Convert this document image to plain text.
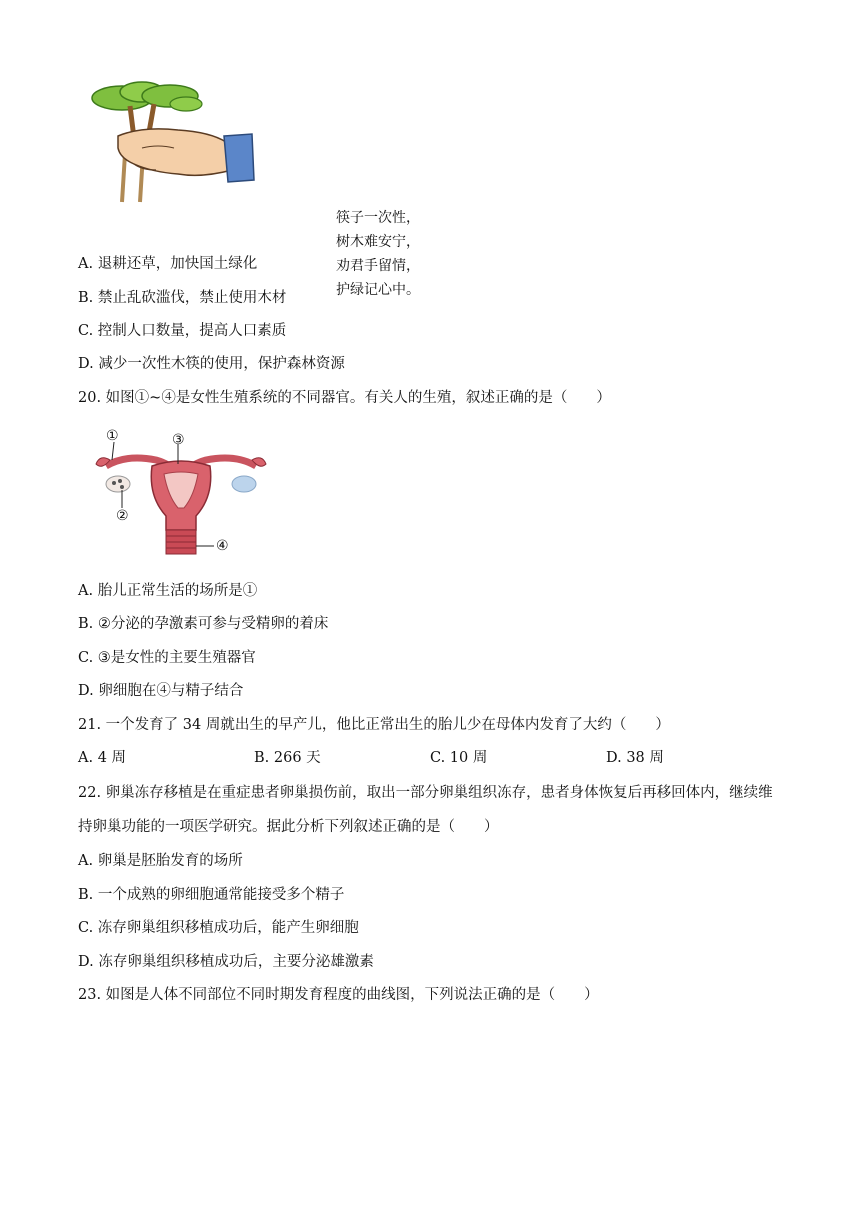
筷子一次性，
树木难安宁，
劝君手留情，
护绿记心中。
A. 退耕还草，加快国土绿化
B. 禁止乱砍滥伐，禁止使用木材
C. 控制人口数量，提高人口素质
D. 减少一次性木筷的使用，保护森林资源
20. 如图①~④是女性生殖系统的不同器官。有关人的生殖，叙述正确的是（　　）
①	③
②
④
A. 胎儿正常生活的场所是①
B. ②分泌的孕激素可参与受精卵的着床
C. ③是女性的主要生殖器官
D. 卵细胞在④与精子结合
21. 一个发育了 34 周就出生的早产儿，他比正常出生的胎儿少在母体内发育了大约（　　）
A. 4 周	B. 266 天	C. 10 周	D. 38 周
22. 卵巢冻存移植是在重症患者卵巢损伤前，取出一部分卵巢组织冻存，患者身体恢复后再移回体内，继续维持卵巢功能的一项医学研究。据此分析下列叙述正确的是（　　）
A. 卵巢是胚胎发育的场所
B. 一个成熟的卵细胞通常能接受多个精子
C. 冻存卵巢组织移植成功后，能产生卵细胞
D. 冻存卵巢组织移植成功后，主要分泌雄激素
23. 如图是人体不同部位不同时期发育程度的曲线图，下列说法正确的是（　　）
